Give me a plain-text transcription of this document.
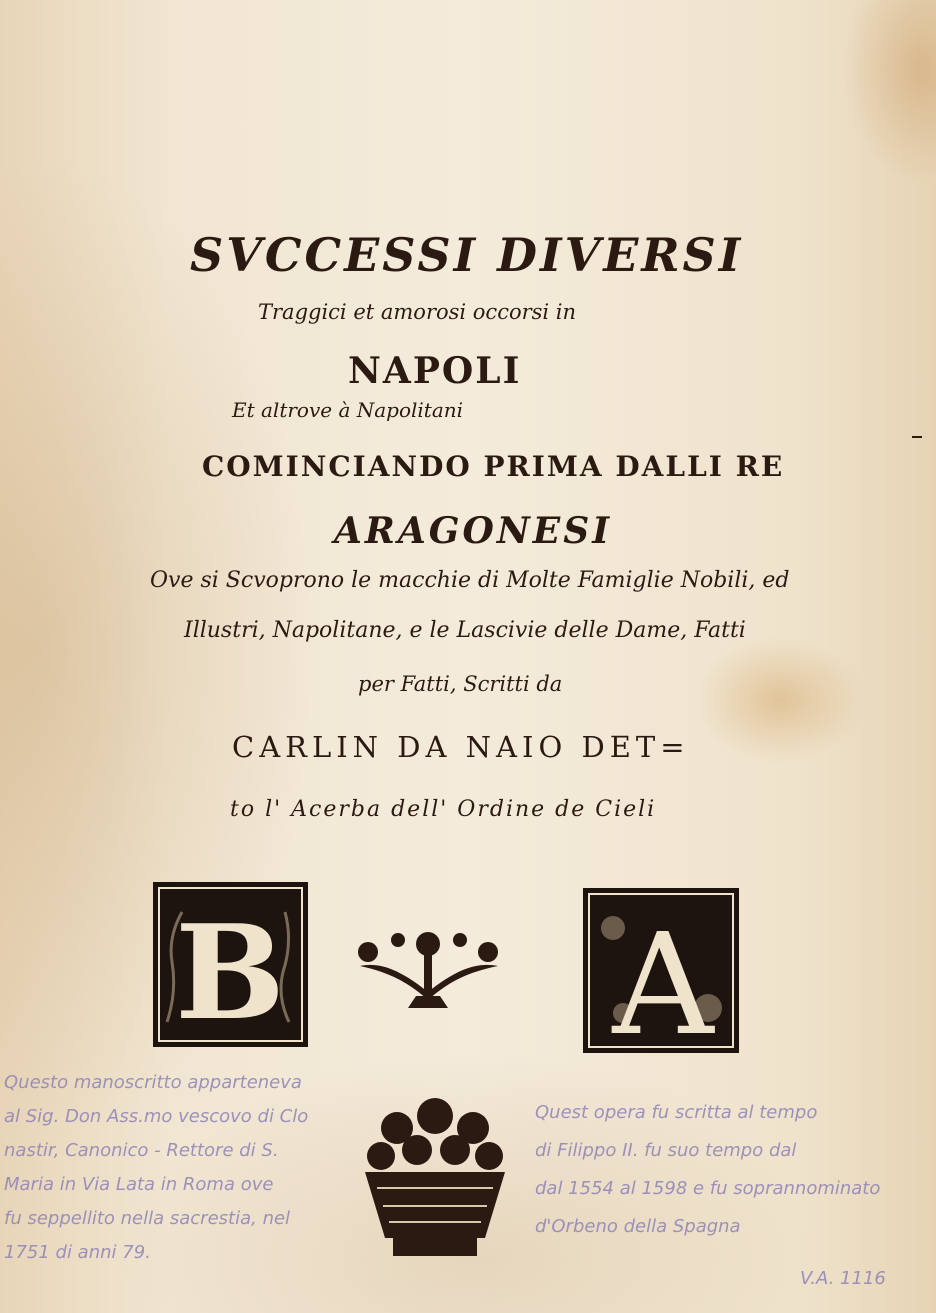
SVCCESSI DIVERSI
Traggici et amorosi occorsi in
NAPOLI
Et altrove à Napolitani
COMINCIANDO PRIMA DALLI RE
ARAGONESI
Ove si Scvoprono le macchie di Molte Famiglie Nobili, ed
Illustri, Napolitane, e le Lascivie delle Dame, Fatti
per Fatti, Scritti da
CARLIN DA NAIO DET=
to l' Acerba dell' Ordine de Cieli
B A
Questo manoscritto apparteneva
al Sig. Don Ass.mo vescovo di Clo
nastir, Canonico - Rettore di S.
Maria in Via Lata in Roma ove
fu seppellito nella sacrestia, nel
1751 di anni 79.
Quest opera fu scritta al tempo
di Filippo II. fu suo tempo dal
dal 1554 al 1598 e fu soprannominato
d'Orbeno della Spagna
V.A. 1116
